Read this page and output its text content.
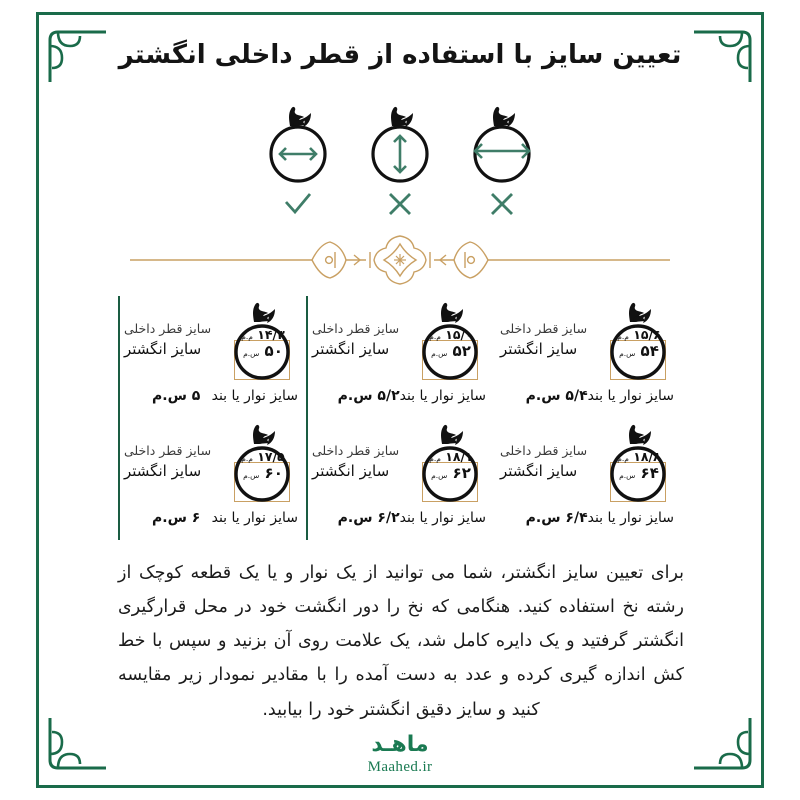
تعیین سایز با استفاده از قطر داخلی انگشتر
۱۵/۶ م.م
۵۴ س.م
سایز قطر داخلی
سایز انگشتر
سایز نوار یا بند
۵/۴ س.م
۱۵/۰ م.م
۵۲ س.م
سایز قطر داخلی
سایز انگشتر
سایز نوار یا بند
۵/۲ س.م
۱۴/۳ م.م
۵۰ س.م
سایز قطر داخلی
سایز انگشتر
سایز نوار یا بند
۵ س.م
۱۸/۸ م.م
۶۴ س.م
سایز قطر داخلی
سایز انگشتر
سایز نوار یا بند
۶/۴ س.م
۱۸/۱ م.م
۶۲ س.م
سایز قطر داخلی
سایز انگشتر
سایز نوار یا بند
۶/۲ س.م
۱۷/۵ م.م
۶۰ س.م
سایز قطر داخلی
سایز انگشتر
سایز نوار یا بند
۶ س.م
برای تعیین سایز انگشتر، شما می توانید از یک نوار و یا یک قطعه کوچک از رشته نخ استفاده کنید. هنگامی که نخ را دور انگشت خود در محل قرارگیری انگشتر گرفتید و یک دایره کامل شد، یک علامت روی آن بزنید و سپس با خط کش اندازه گیری کرده و عدد به دست آمده را با مقادیر نمودار زیر مقایسه کنید و سایز دقیق انگشتر خود را بیابید.
ماهـد
Maahed.ir
